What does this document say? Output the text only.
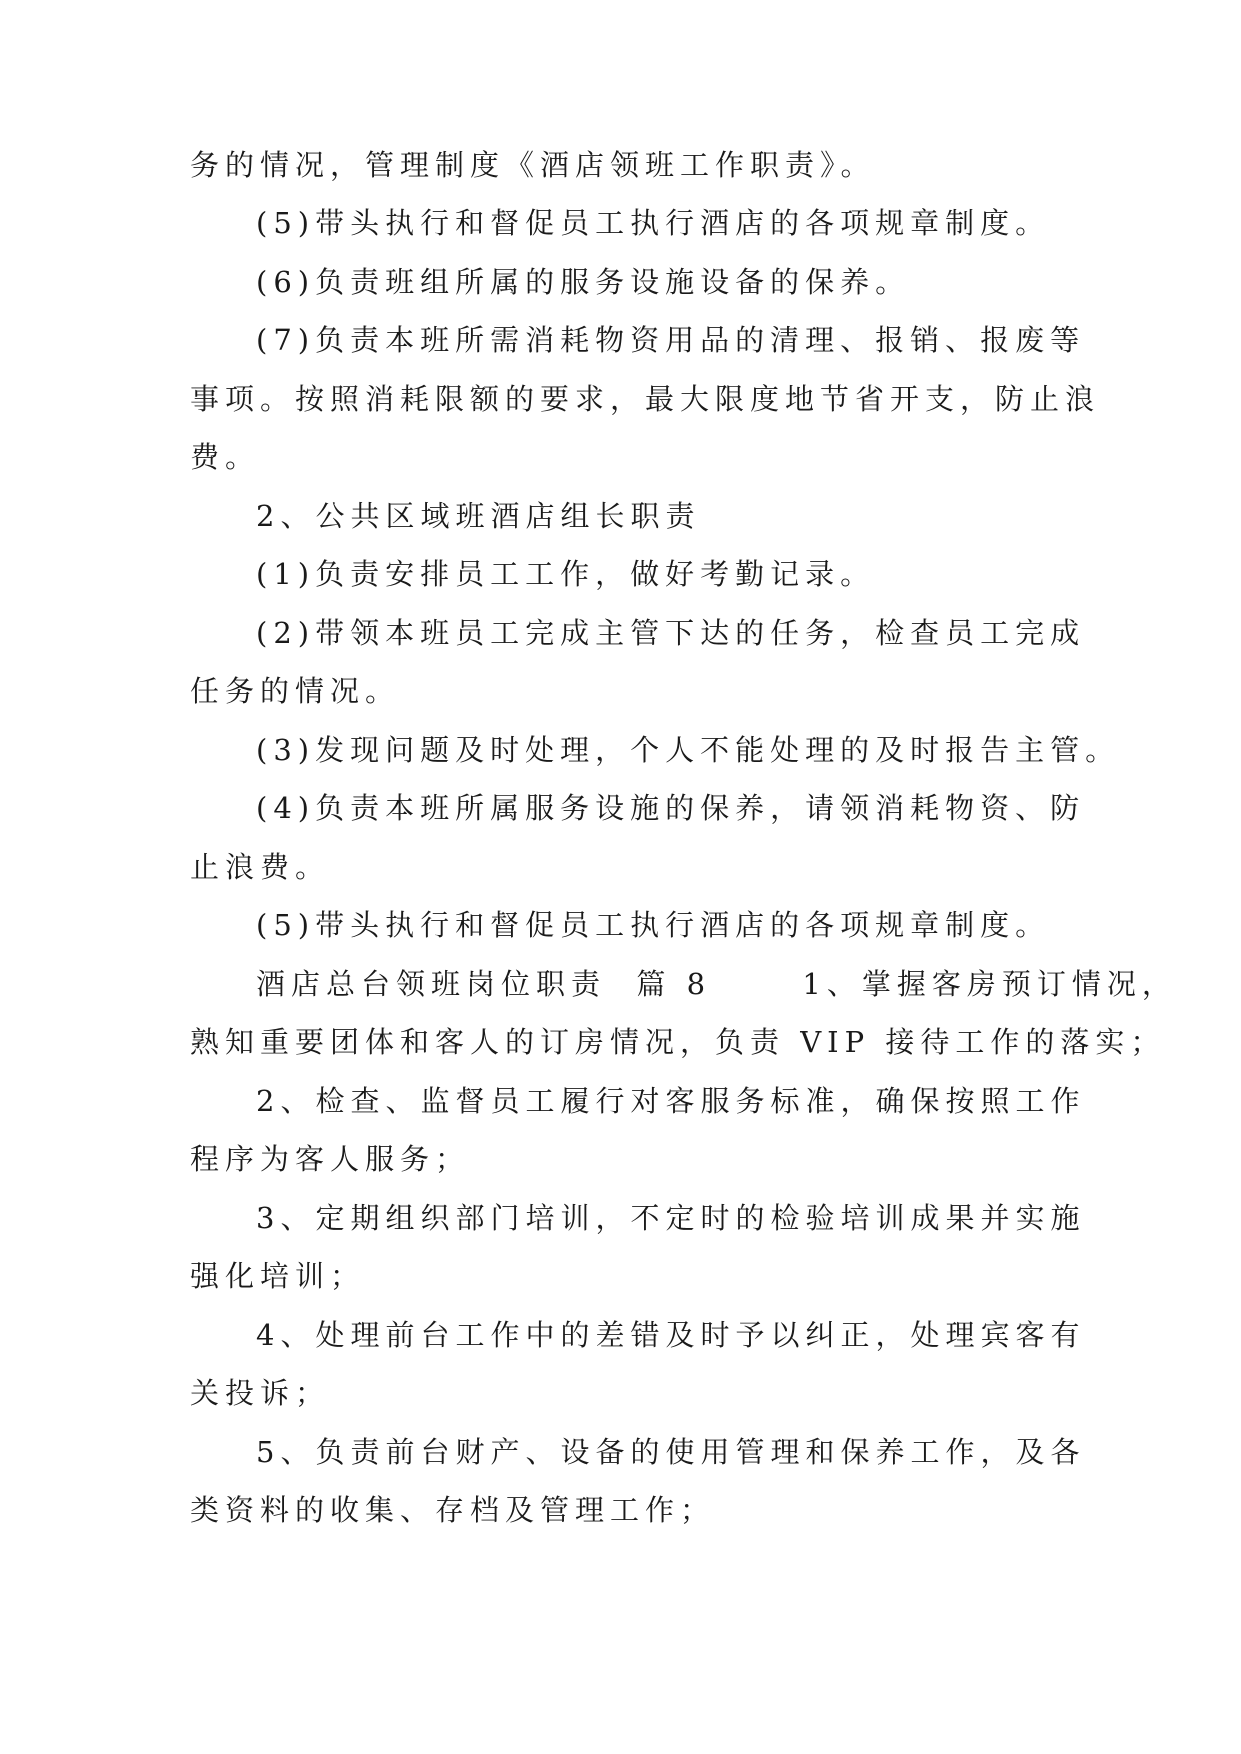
务的情况，管理制度《酒店领班工作职责》。
(5)带头执行和督促员工执行酒店的各项规章制度。
(6)负责班组所属的服务设施设备的保养。
(7)负责本班所需消耗物资用品的清理、报销、报废等
事项。按照消耗限额的要求，最大限度地节省开支，防止浪
费。
2、公共区域班酒店组长职责
(1)负责安排员工工作，做好考勤记录。
(2)带领本班员工完成主管下达的任务，检查员工完成
任务的情况。
(3)发现问题及时处理，个人不能处理的及时报告主管。
(4)负责本班所属服务设施的保养，请领消耗物资、防
止浪费。
(5)带头执行和督促员工执行酒店的各项规章制度。
酒店总台领班岗位职责  篇 8      1、掌握客房预订情况，
熟知重要团体和客人的订房情况，负责 VIP 接待工作的落实；
2、检查、监督员工履行对客服务标准，确保按照工作
程序为客人服务；
3、定期组织部门培训，不定时的检验培训成果并实施
强化培训；
4、处理前台工作中的差错及时予以纠正，处理宾客有
关投诉；
5、负责前台财产、设备的使用管理和保养工作，及各
类资料的收集、存档及管理工作；
